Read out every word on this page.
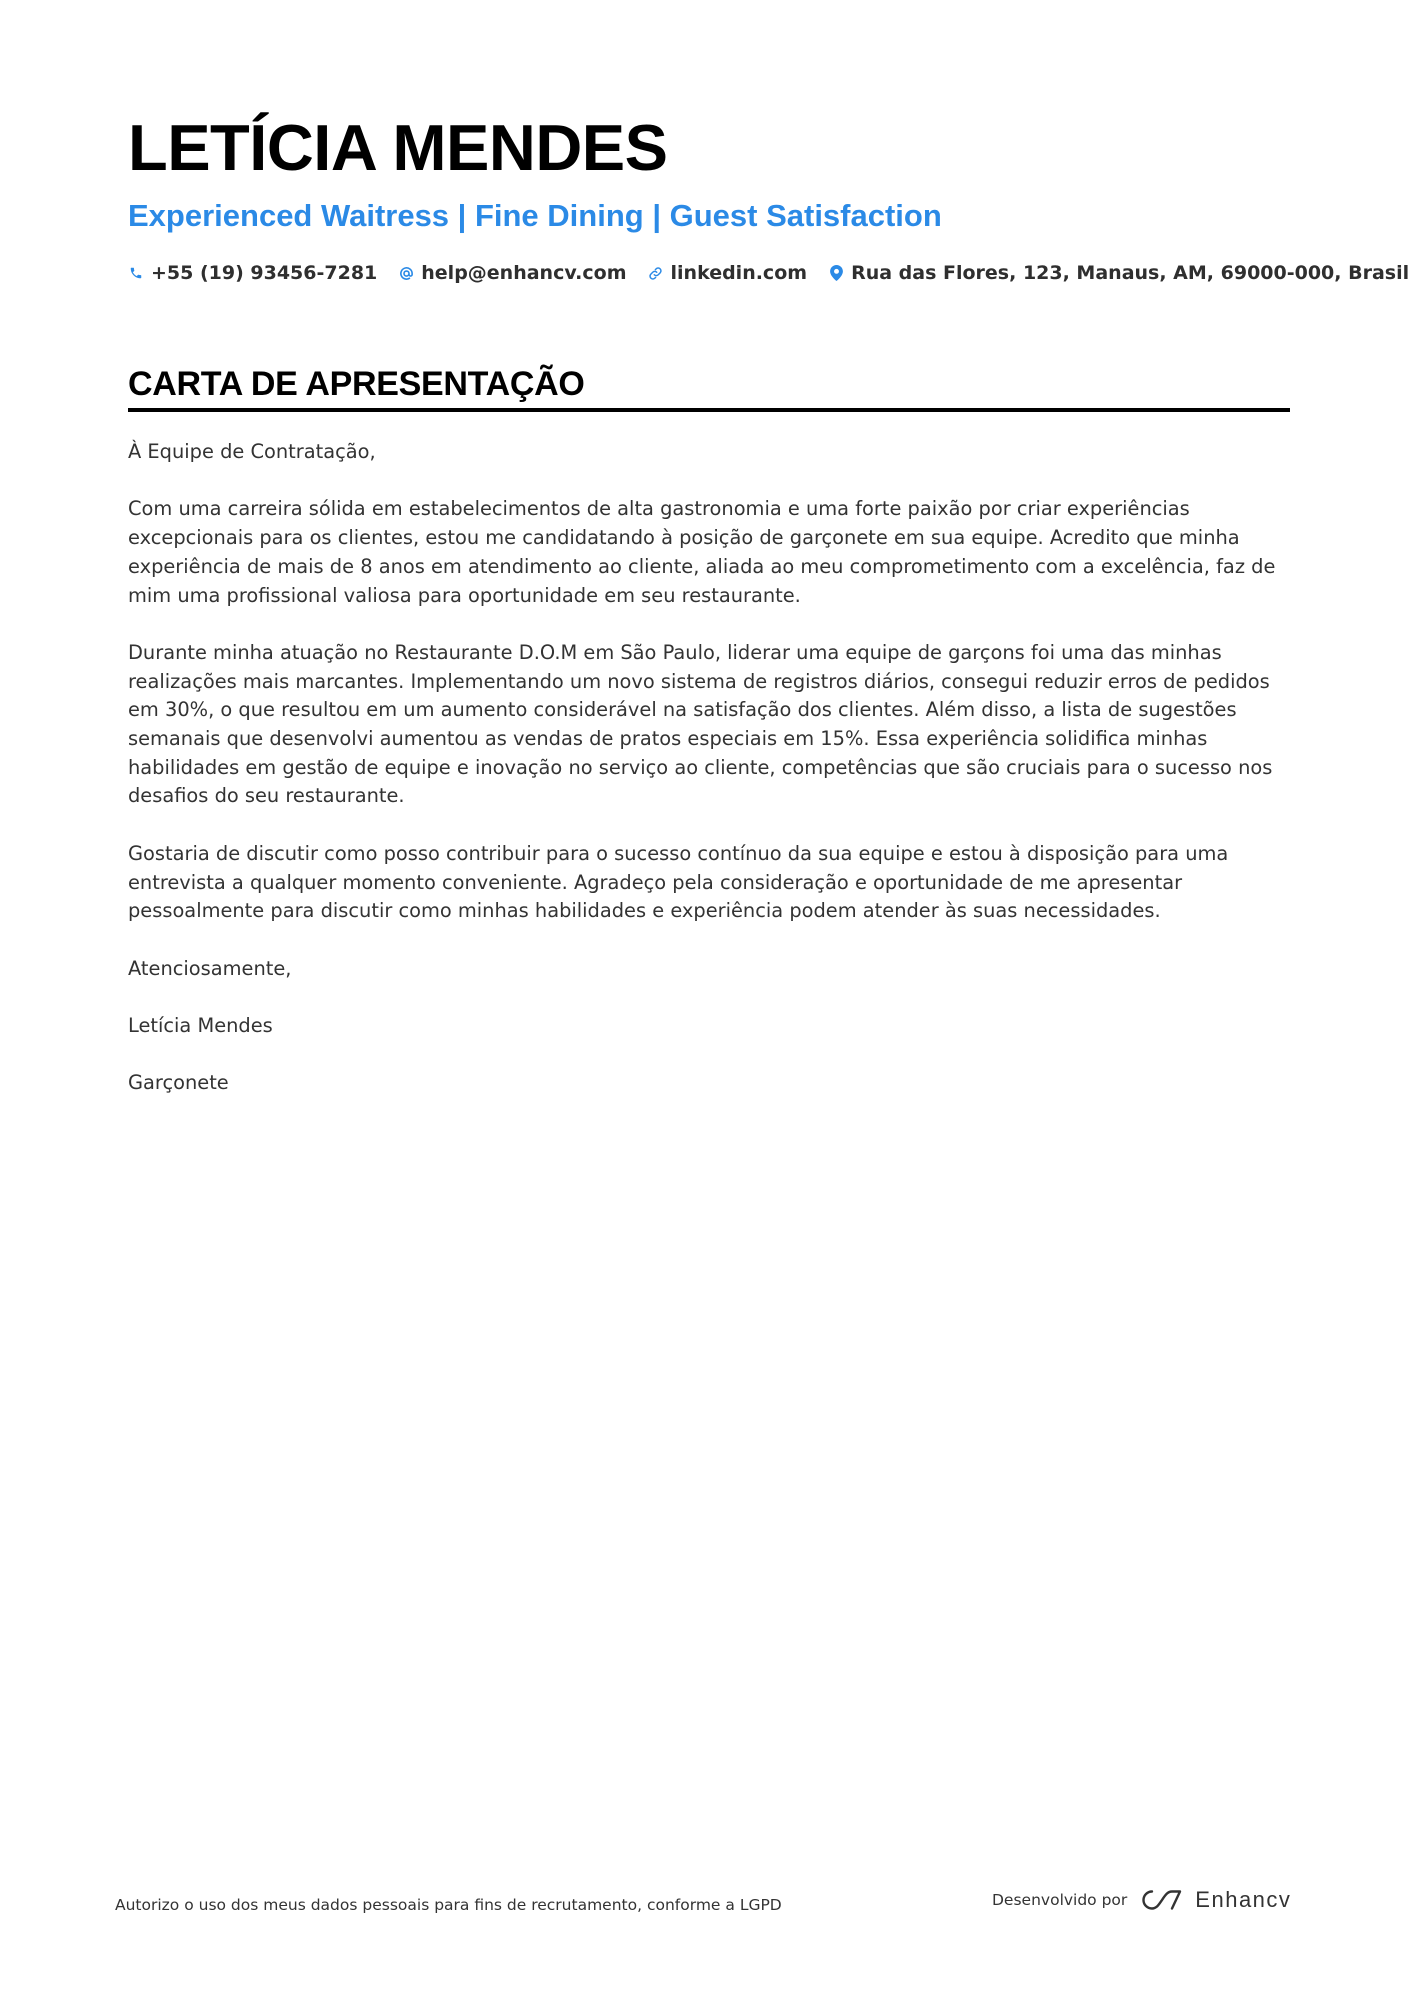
LETÍCIA MENDES
Experienced Waitress | Fine Dining | Guest Satisfaction
+55 (19) 93456-7281 help@enhancv.com linkedin.com Rua das Flores, 123, Manaus, AM, 69000-000, Brasil
CARTA DE APRESENTAÇÃO

À Equipe de Contratação,

Com uma carreira sólida em estabelecimentos de alta gastronomia e uma forte paixão por criar experiências excepcionais para os clientes, estou me candidatando à posição de garçonete em sua equipe. Acredito que minha experiência de mais de 8 anos em atendimento ao cliente, aliada ao meu comprometimento com a excelência, faz de mim uma profissional valiosa para oportunidade em seu restaurante.

Durante minha atuação no Restaurante D.O.M em São Paulo, liderar uma equipe de garçons foi uma das minhas realizações mais marcantes. Implementando um novo sistema de registros diários, consegui reduzir erros de pedidos em 30%, o que resultou em um aumento considerável na satisfação dos clientes. Além disso, a lista de sugestões semanais que desenvolvi aumentou as vendas de pratos especiais em 15%. Essa experiência solidifica minhas habilidades em gestão de equipe e inovação no serviço ao cliente, competências que são cruciais para o sucesso nos desafios do seu restaurante.

Gostaria de discutir como posso contribuir para o sucesso contínuo da sua equipe e estou à disposição para uma entrevista a qualquer momento conveniente. Agradeço pela consideração e oportunidade de me apresentar pessoalmente para discutir como minhas habilidades e experiência podem atender às suas necessidades.

Atenciosamente,

Letícia Mendes

Garçonete

Autorizo o uso dos meus dados pessoais para fins de recrutamento, conforme a LGPD	Desenvolvido por	Enhancv
